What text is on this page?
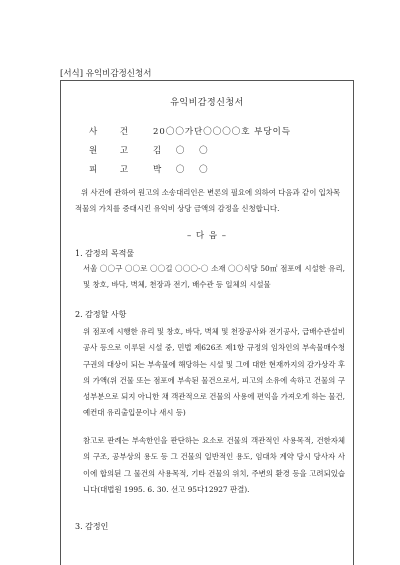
[서식] 유익비감정신청서
유익비감정신청서
사 건	20〇〇가단〇〇〇〇호 부당이득
원 고	김 〇 〇
피 고	박 〇 〇
위 사건에 관하여 원고의 소송대리인은 변론의 필요에 의하여 다음과 같이 입차목적물의 가치를 증대시킨 유익비 상당 금액의 감정을 신청합니다.
– 다 음 –
1. 감정의 목적물
서울 〇〇구 〇〇로 〇〇길 〇〇〇-〇 소재 〇〇식당 50㎡ 점포에 시설한 유리, 및 창호, 바닥, 벽체, 천장과 전기, 배수관 등 일체의 시설물
2. 감정할 사항
위 점포에 시행한 유리 및 창호, 바닥, 벽체 및 천장공사와 전기공사, 급배수관설비공사 등으로 이루된 시설 중, 민법 제626조 제1항 규정의 임차인의 부속물매수청구권의 대상이 되는 부속물에 해당하는 시설 및 그에 대한 현재까지의 감가상각 후의 가액(위 건물 또는 점포에 부속된 물건으로서, 피고의 소유에 속하고 건물의 구성부분으로 되지 아니한 채 객관적으로 건물의 사용에 편익을 가져오게 하는 물건, 예컨대 유리출입문이나 새시 등)
참고로 판례는 부속한인을 판단하는 요소로 건물의 객관적인 사용목적, 건한자체의 구조, 공부상의 용도 등 그 건물의 일반적인 용도, 임대차 계약 당시 당사자 사이에 합의된 그 물건의 사용목적, 기타 건물의 위치, 주변의 환경 등을 고려되있습니다(대법원 1995. 6. 30. 선고 95다12927 판결).
3. 감정인
